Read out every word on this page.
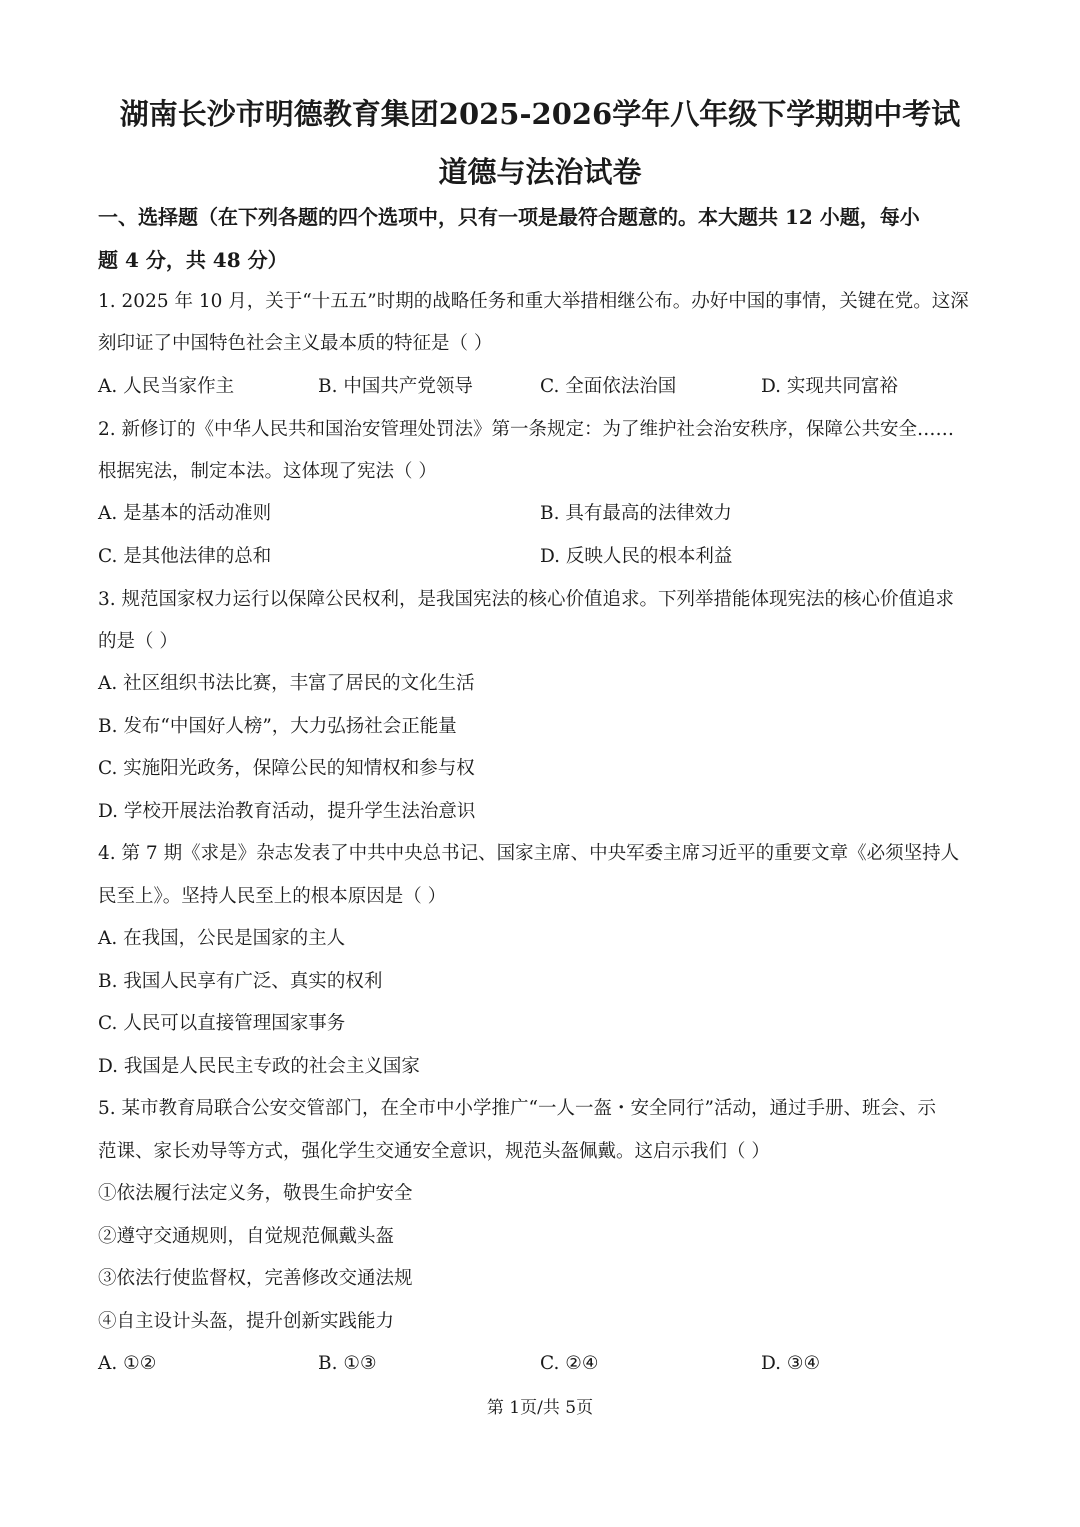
湖南长沙市明德教育集团2025-2026学年八年级下学期期中考试
道德与法治试卷
一、选择题（在下列各题的四个选项中，只有一项是最符合题意的。本大题共 12 小题，每小
题 4 分，共 48 分）
1. 2025 年 10 月，关于“十五五”时期的战略任务和重大举措相继公布。办好中国的事情，关键在党。这深
刻印证了中国特色社会主义最本质的特征是（ ）
A. 人民当家作主	B. 中国共产党领导	C. 全面依法治国	D. 实现共同富裕
2. 新修订的《中华人民共和国治安管理处罚法》第一条规定：为了维护社会治安秩序，保障公共安全……
根据宪法，制定本法。这体现了宪法（ ）
A. 是基本的活动准则	B. 具有最高的法律效力
C. 是其他法律的总和	D. 反映人民的根本利益
3. 规范国家权力运行以保障公民权利，是我国宪法的核心价值追求。下列举措能体现宪法的核心价值追求
的是（ ）
A. 社区组织书法比赛，丰富了居民的文化生活
B. 发布“中国好人榜”，大力弘扬社会正能量
C. 实施阳光政务，保障公民的知情权和参与权
D. 学校开展法治教育活动，提升学生法治意识
4. 第 7 期《求是》杂志发表了中共中央总书记、国家主席、中央军委主席习近平的重要文章《必须坚持人
民至上》。坚持人民至上的根本原因是（ ）
A. 在我国，公民是国家的主人
B. 我国人民享有广泛、真实的权利
C. 人民可以直接管理国家事务
D. 我国是人民民主专政的社会主义国家
5. 某市教育局联合公安交管部门，在全市中小学推广“一人一盔・安全同行”活动，通过手册、班会、示
范课、家长劝导等方式，强化学生交通安全意识，规范头盔佩戴。这启示我们（ ）
①依法履行法定义务，敬畏生命护安全
②遵守交通规则，自觉规范佩戴头盔
③依法行使监督权，完善修改交通法规
④自主设计头盔，提升创新实践能力
A. ①②	B. ①③	C. ②④	D. ③④
第 1页/共 5页
